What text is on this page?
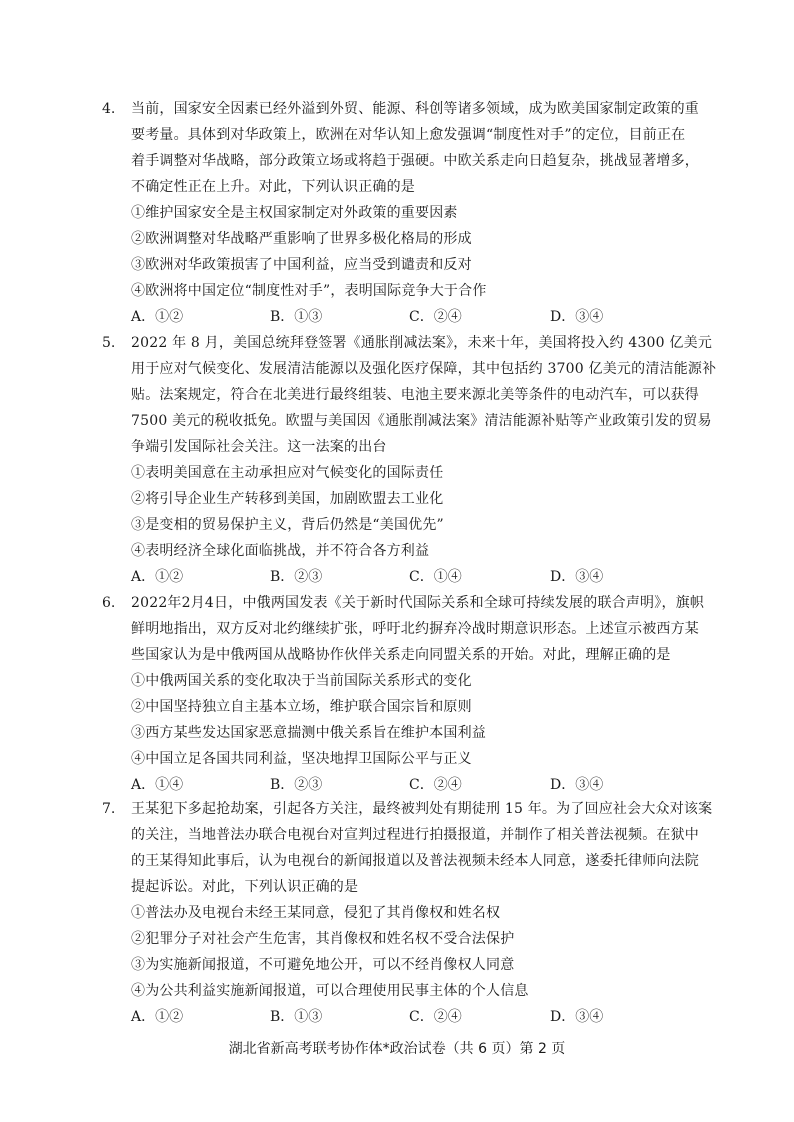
4. 当前，国家安全因素已经外溢到外贸、能源、科创等诸多领域，成为欧美国家制定政策的重
要考量。具体到对华政策上，欧洲在对华认知上愈发强调“制度性对手”的定位，目前正在
着手调整对华战略，部分政策立场或将趋于强硬。中欧关系走向日趋复杂，挑战显著增多，
不确定性正在上升。对此，下列认识正确的是
①维护国家安全是主权国家制定对外政策的重要因素
②欧洲调整对华战略严重影响了世界多极化格局的形成
③欧洲对华政策损害了中国利益，应当受到谴责和反对
④欧洲将中国定位“制度性对手”，表明国际竞争大于合作
A．①②	B．①③	C．②④	D．③④
5. 2022 年 8 月，美国总统拜登签署《通胀削减法案》，未来十年，美国将投入约 4300 亿美元
用于应对气候变化、发展清洁能源以及强化医疗保障，其中包括约 3700 亿美元的清洁能源补
贴。法案规定，符合在北美进行最终组装、电池主要来源北美等条件的电动汽车，可以获得
7500 美元的税收抵免。欧盟与美国因《通胀削减法案》清洁能源补贴等产业政策引发的贸易
争端引发国际社会关注。这一法案的出台
①表明美国意在主动承担应对气候变化的国际责任
②将引导企业生产转移到美国，加剧欧盟去工业化
③是变相的贸易保护主义，背后仍然是“美国优先”
④表明经济全球化面临挑战，并不符合各方利益
A．①②	B．②③	C．①④	D．③④
6. 2022年2月4日，中俄两国发表《关于新时代国际关系和全球可持续发展的联合声明》，旗帜
鲜明地指出，双方反对北约继续扩张，呼吁北约摒弃冷战时期意识形态。上述宣示被西方某
些国家认为是中俄两国从战略协作伙伴关系走向同盟关系的开始。对此，理解正确的是
①中俄两国关系的变化取决于当前国际关系形式的变化
②中国坚持独立自主基本立场，维护联合国宗旨和原则
③西方某些发达国家恶意揣测中俄关系旨在维护本国利益
④中国立足各国共同利益，坚决地捍卫国际公平与正义
A．①④	B．②③	C．②④	D．③④
7. 王某犯下多起抢劫案，引起各方关注，最终被判处有期徒刑 15 年。为了回应社会大众对该案
的关注，当地普法办联合电视台对宣判过程进行拍摄报道，并制作了相关普法视频。在狱中
的王某得知此事后，认为电视台的新闻报道以及普法视频未经本人同意，遂委托律师向法院
提起诉讼。对此，下列认识正确的是
①普法办及电视台未经王某同意，侵犯了其肖像权和姓名权
②犯罪分子对社会产生危害，其肖像权和姓名权不受合法保护
③为实施新闻报道，不可避免地公开，可以不经肖像权人同意
④为公共利益实施新闻报道，可以合理使用民事主体的个人信息
A．①②	B．①③	C．②④	D．③④
湖北省新高考联考协作体*政治试卷（共 6 页）第 2 页
